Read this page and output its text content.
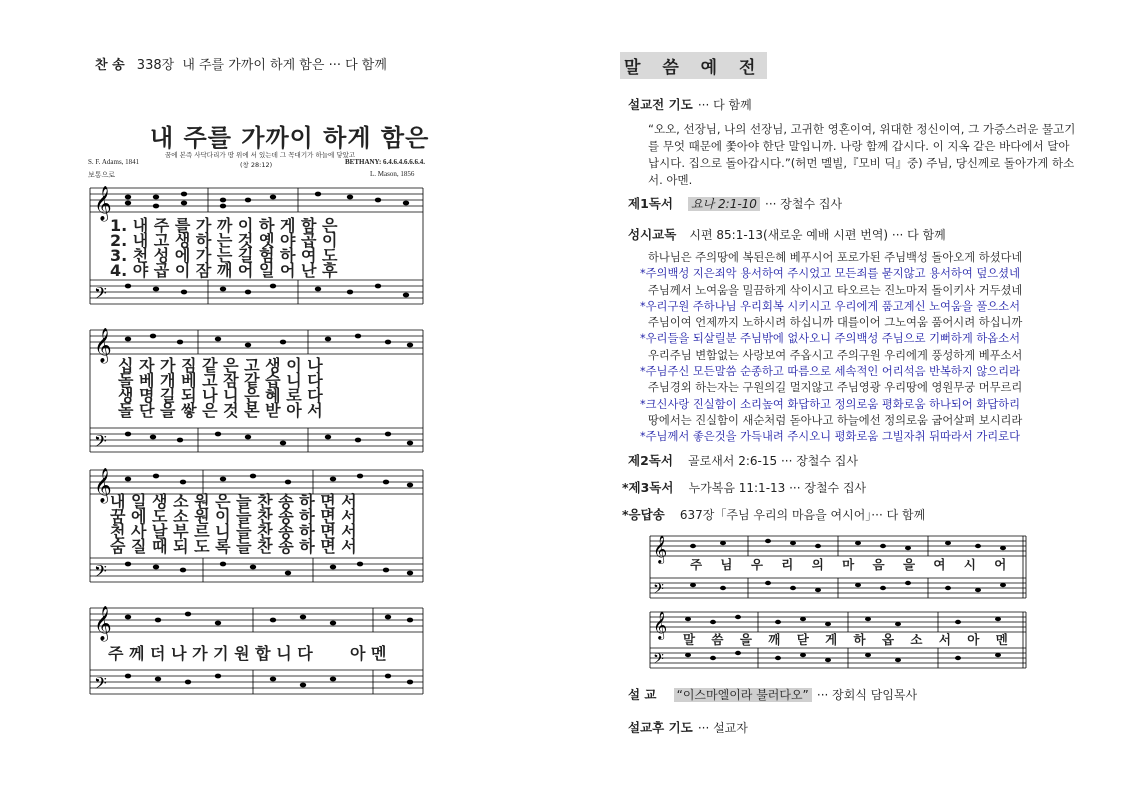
찬 송 338장 내 주를 가까이 하게 함은 ··· 다 함께
내 주를 가까이 하게 함은
꿈에 본즉 사닥다리가 땅 위에 서 있는데 그 꼭대기가 하늘에 닿았고
(창 28:12)
S. F. Adams, 1841
보통으로
BETHANY: 6.4.6.4.6.6.6.4.
L. Mason, 1856
𝄞
𝄞
𝄞
𝄞
𝄢
𝄢
𝄢
𝄢
1. 내 주 를 가 까 이 하 게 함 은
2. 내 고 생 하 는 것 옛 야 곱 이
3. 천 성 에 가 는 길 험 하 여 도
4. 야 곱 이 잠 깨 어 일 어 난 후
십 자 가 짐 같 은 고 생 이 나
돌 베 개 베 고 잠 같 습 니 다
생 명 길 되 나 니 은 혜 로 다
돌 단 을 쌓 은 것 본 받 아 서
내 일 생 소 원 은 늘 찬 송 하 면 서
꿈 에 도 소 원 이 늘 찬 송 하 면 서
천 사 날 부 르 니 늘 찬 송 하 면 서
숨 질 때 되 도 록 늘 찬 송 하 면 서
주 께 더 나 가 기 원 합 니 다 아 멘
말 씀 예 전
설교전 기도 ··· 다 함께
“오오, 선장님, 나의 선장님, 고귀한 영혼이여, 위대한 정신이여, 그 가증스러운 물고기를 무엇 때문에 쫓아야 한단 말입니까. 나랑 함께 갑시다. 이 지옥 같은 바다에서 달아납시다. 집으로 돌아갑시다.”(허먼 멜빌,『모비 딕』중) 주님, 당신께로 돌아가게 하소서. 아멘.
제1독서 요나 2:1-10 ··· 장철수 집사
성시교독 시편 85:1-13(새로운 예배 시편 번역) ··· 다 함께
하나님은 주의땅에 복된은혜 베푸시어 포로가된 주님백성 돌아오게 하셨다네
*주의백성 지은죄악 용서하여 주시었고 모든죄를 묻지않고 용서하여 덮으셨네
주님께서 노여움을 밀끔하게 삭이시고 타오르는 진노마저 돌이키사 거두셨네
*우리구원 주하나님 우리회복 시키시고 우리에게 품고계신 노여움을 풀으소서
주님이여 언제까지 노하시려 하십니까 대를이어 그노여움 품어시려 하십니까
*우리들을 되살릴분 주님밖에 없사오니 주의백성 주님으로 기뻐하게 하옵소서
우리주님 변함없는 사랑보여 주옵시고 주의구원 우리에게 풍성하게 베푸소서
*주님주신 모든말씀 순종하고 따름으로 세속적인 어리석음 반복하지 않으리라
주님경외 하는자는 구원의길 멀지않고 주님영광 우리땅에 영원무궁 머무르리
*크신사랑 진실함이 소리높여 화답하고 정의로움 평화로움 하나되어 화답하리
땅에서는 진실함이 새순처럼 돋아나고 하늘에선 정의로움 굽어살펴 보시리라
*주님께서 좋은것을 가득내려 주시오니 평화로움 그빌자취 뒤따라서 가리로다
제2독서 골로새서 2:6-15 ··· 장철수 집사
*제3독서 누가복음 11:1-13 ··· 장철수 집사
*응답송 637장「주님 우리의 마음을 여시어」··· 다 함께
𝄞
𝄞
𝄢
𝄢
주 님 우 리 의 마 음 을 여 시 어
말 씀 을 깨 닫 게 하 옵 소 서 아 멘
설 교 “이스마엘이라 불러다오” ··· 장회식 담임목사
설교후 기도 ··· 설교자
